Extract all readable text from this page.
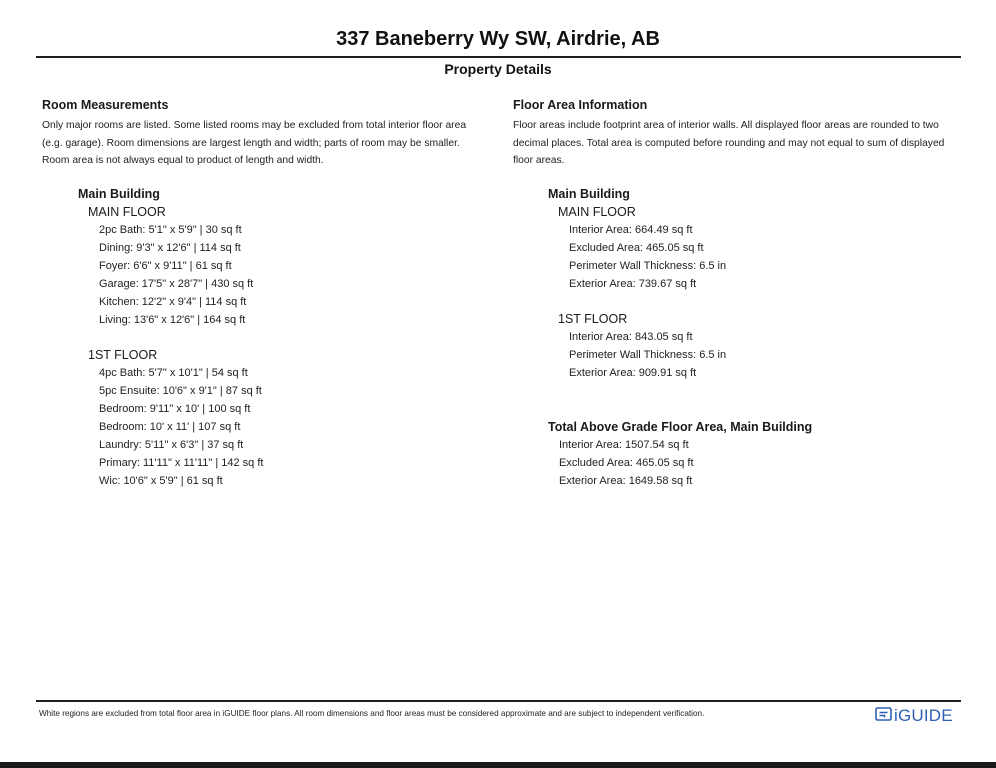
337 Baneberry Wy SW, Airdrie, AB
Property Details
Room Measurements

Only major rooms are listed. Some listed rooms may be excluded from total interior floor area
(e.g. garage). Room dimensions are largest length and width; parts of room may be smaller.
Room area is not always equal to product of length and width.

Main Building
MAIN FLOOR
2pc Bath: 5'1" x 5'9" | 30 sq ft
Dining: 9'3" x 12'6" | 114 sq ft
Foyer: 6'6" x 9'11" | 61 sq ft
Garage: 17'5" x 28'7" | 430 sq ft
Kitchen: 12'2" x 9'4" | 114 sq ft
Living: 13'6" x 12'6" | 164 sq ft
1ST FLOOR
4pc Bath: 5'7" x 10'1" | 54 sq ft
5pc Ensuite: 10'6" x 9'1" | 87 sq ft
Bedroom: 9'11" x 10' | 100 sq ft
Bedroom: 10' x 11' | 107 sq ft
Laundry: 5'11" x 6'3" | 37 sq ft
Primary: 11'11" x 11'11" | 142 sq ft
Wic: 10'6" x 5'9" | 61 sq ft
Floor Area Information

Floor areas include footprint area of interior walls. All displayed floor areas are rounded to two
decimal places. Total area is computed before rounding and may not equal to sum of displayed
floor areas.

Main Building
MAIN FLOOR
Interior Area: 664.49 sq ft
Excluded Area: 465.05 sq ft
Perimeter Wall Thickness: 6.5 in
Exterior Area: 739.67 sq ft
1ST FLOOR
Interior Area: 843.05 sq ft
Perimeter Wall Thickness: 6.5 in
Exterior Area: 909.91 sq ft
Total Above Grade Floor Area, Main Building
Interior Area: 1507.54 sq ft
Excluded Area: 465.05 sq ft
Exterior Area: 1649.58 sq ft
White regions are excluded from total floor area in iGUIDE floor plans. All room dimensions and floor areas must be considered approximate and are subject to independent verification.	iGUIDE
